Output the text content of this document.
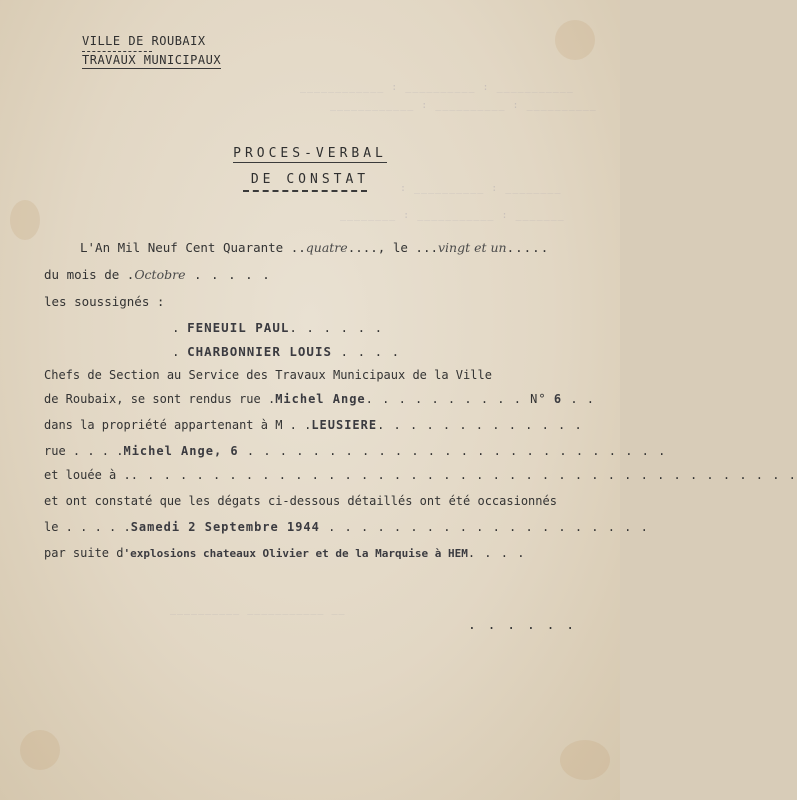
____________ : __________ : ___________
____________ : __________ : __________
: __________ : ________
________ : ___________ : _______
__________ ___________ __
VILLE DE ROUBAIX
TRAVAUX MUNICIPAUX
PROCES-VERBAL
DE CONSTAT
L'An Mil Neuf Cent Quarante ..quatre...., le ...vingt et un.....
du mois de .Octobre . . . . .
les soussignés :
. FENEUIL PAUL. . . . . .
. CHARBONNIER LOUIS . . . .
Chefs de Section au Service des Travaux Municipaux de la Ville
de Roubaix, se sont rendus rue .Michel Ange. . . . . . . . . . N° 6 . .
dans la propriété appartenant à M . .LEUSIERE. . . . . . . . . . . . .
rue . . . .Michel Ange, 6 . . . . . . . . . . . . . . . . . . . . . . . . . .
et louée à .. . . . . . . . . . . . . . . . . . . . . . . . . . . . . . . . . . . . . . . . .
et ont constaté que les dégats ci-dessous détaillés ont été occasionnés
le . . . . .Samedi 2 Septembre 1944 . . . . . . . . . . . . . . . . . . . .
par suite d'explosions chateaux Olivier et de la Marquise à HEM. . . .
. . . . . .
